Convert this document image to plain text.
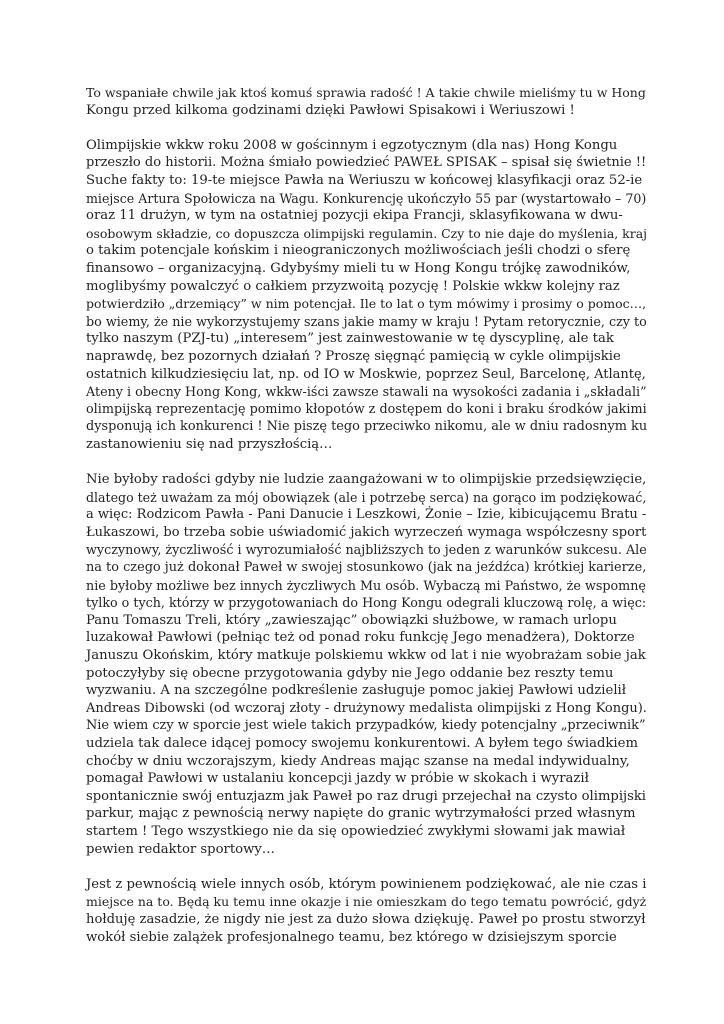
To wspaniałe chwile jak ktoś komuś sprawia radość ! A takie chwile mieliśmy tu w Hong
Kongu przed kilkoma godzinami dzięki Pawłowi Spisakowi i Weriuszowi !

Olimpijskie wkkw roku 2008 w gościnnym i egzotycznym (dla nas) Hong Kongu
przeszło do historii. Można śmiało powiedzieć PAWEŁ SPISAK – spisał się świetnie !!
Suche fakty to: 19-te miejsce Pawła na Weriuszu w końcowej klasyfikacji oraz 52-ie
miejsce Artura Społowicza na Wagu. Konkurencję ukończyło 55 par (wystartowało – 70)
oraz 11 drużyn, w tym na ostatniej pozycji ekipa Francji, sklasyfikowana w dwu-
osobowym składzie, co dopuszcza olimpijski regulamin. Czy to nie daje do myślenia, kraj
o takim potencjale końskim i nieograniczonych możliwościach jeśli chodzi o sferę
finansowo – organizacyjną. Gdybyśmy mieli tu w Hong Kongu trójkę zawodników,
moglibyśmy powalczyć o całkiem przyzwoitą pozycję ! Polskie wkkw kolejny raz
potwierdziło „drzemiący” w nim potencjał. Ile to lat o tym mówimy i prosimy o pomoc…,
bo wiemy, że nie wykorzystujemy szans jakie mamy w kraju ! Pytam retorycznie, czy to
tylko naszym (PZJ-tu) „interesem” jest zainwestowanie w tę dyscyplinę, ale tak
naprawdę, bez pozornych działań ? Proszę sięgnąć pamięcią w cykle olimpijskie
ostatnich kilkudziesięciu lat, np. od IO w Moskwie, poprzez Seul, Barcelonę, Atlantę,
Ateny i obecny Hong Kong, wkkw-iści zawsze stawali na wysokości zadania i „składali”
olimpijską reprezentację pomimo kłopotów z dostępem do koni i braku środków jakimi
dysponują ich konkurenci ! Nie piszę tego przeciwko nikomu, ale w dniu radosnym ku
zastanowieniu się nad przyszłością…

Nie byłoby radości gdyby nie ludzie zaangażowani w to olimpijskie przedsięwzięcie,
dlatego też uważam za mój obowiązek (ale i potrzebę serca) na gorąco im podziękować,
a więc: Rodzicom Pawła - Pani Danucie i Leszkowi, Żonie – Izie, kibicującemu Bratu -
Łukaszowi, bo trzeba sobie uświadomić jakich wyrzeczeń wymaga współczesny sport
wyczynowy, życzliwość i wyrozumiałość najbliższych to jeden z warunków sukcesu. Ale
na to czego już dokonał Paweł w swojej stosunkowo (jak na jeźdźca) krótkiej karierze,
nie byłoby możliwe bez innych życzliwych Mu osób. Wybaczą mi Państwo, że wspomnę
tylko o tych, którzy w przygotowaniach do Hong Kongu odegrali kluczową rolę, a więc:
Panu Tomaszu Treli, który „zawieszając” obowiązki służbowe, w ramach urlopu
luzakował Pawłowi (pełniąc też od ponad roku funkcję Jego menadżera), Doktorze
Januszu Okońskim, który matkuje polskiemu wkkw od lat i nie wyobrażam sobie jak
potoczyłyby się obecne przygotowania gdyby nie Jego oddanie bez reszty temu
wyzwaniu. A na szczególne podkreślenie zasługuje pomoc jakiej Pawłowi udzielił
Andreas Dibowski (od wczoraj złoty - drużynowy medalista olimpijski z Hong Kongu).
Nie wiem czy w sporcie jest wiele takich przypadków, kiedy potencjalny „przeciwnik”
udziela tak dalece idącej pomocy swojemu konkurentowi. A byłem tego świadkiem
choćby w dniu wczorajszym, kiedy Andreas mając szanse na medal indywidualny,
pomagał Pawłowi w ustalaniu koncepcji jazdy w próbie w skokach i wyraził
spontanicznie swój entuzjazm jak Paweł po raz drugi przejechał na czysto olimpijski
parkur, mając z pewnością nerwy napięte do granic wytrzymałości przed własnym
startem ! Tego wszystkiego nie da się opowiedzieć zwykłymi słowami jak mawiał
pewien redaktor sportowy…

Jest z pewnością wiele innych osób, którym powinienem podziękować, ale nie czas i
miejsce na to. Będą ku temu inne okazje i nie omieszkam do tego tematu powrócić, gdyż
hołduję zasadzie, że nigdy nie jest za dużo słowa dziękuję. Paweł po prostu stworzył
wokół siebie zalążek profesjonalnego teamu, bez którego w dzisiejszym sporcie
